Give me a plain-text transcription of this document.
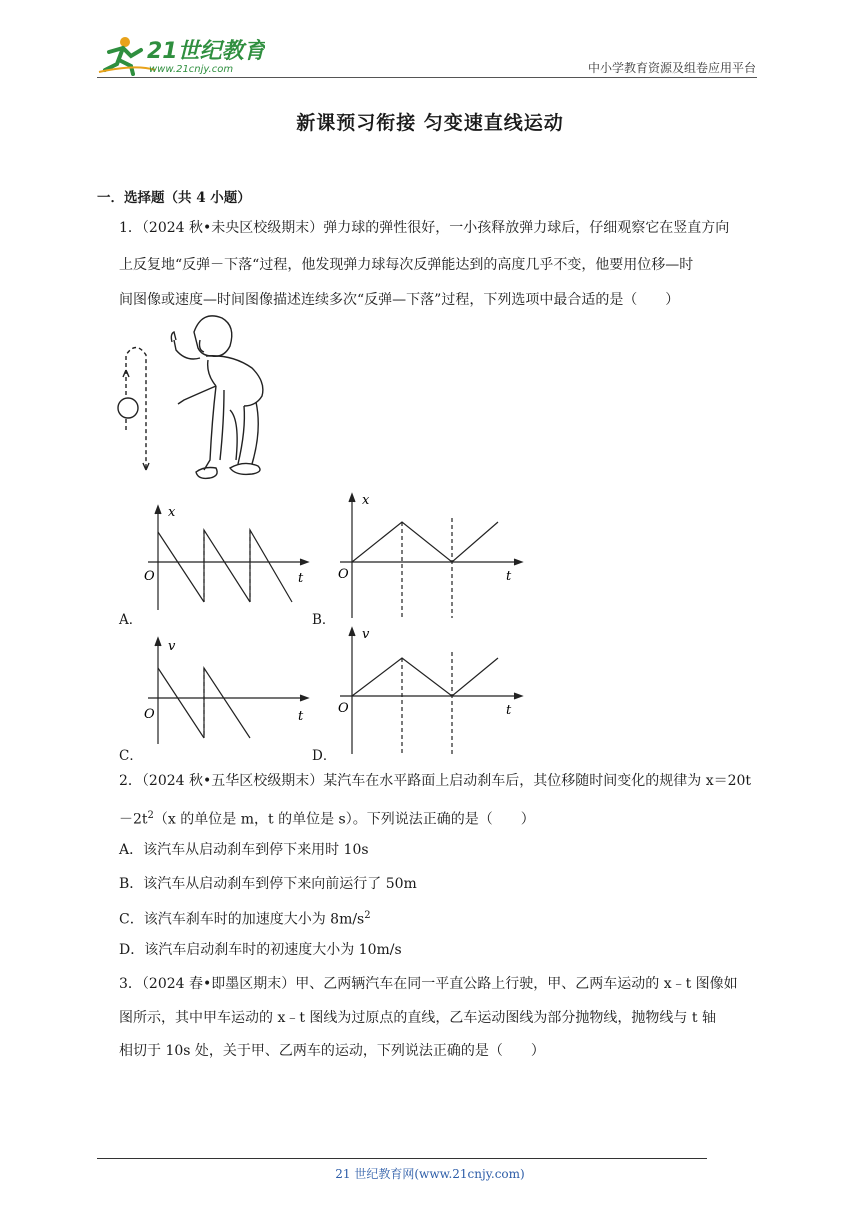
21世纪教育
www.21cnjy.com	中小学教育资源及组卷应用平台
新课预习衔接 匀变速直线运动
一．选择题（共 4 小题）
1．（2024 秋•未央区校级期末）弹力球的弹性很好，一小孩释放弹力球后，仔细观察它在竖直方向
上反复地“反弹－下落“过程，他发现弹力球每次反弹能达到的高度几乎不变，他要用位移—时
间图像或速度—时间图像描述连续多次“反弹—下落”过程，下列选项中最合适的是（　　）
x
O	t
A．
x
O	t
B．
v
O	t
C．
v
O	t
D．
2．（2024 秋•五华区校级期末）某汽车在水平路面上启动刹车后，其位移随时间变化的规律为 x＝20t
$-2t^2(x$ 的单位是 m，t 的单位是 s）。下列说法正确的是（　　）
A．该汽车从启动刹车到停下来用时 10s
B．该汽车从启动刹车到停下来向前运行了 50m
C．该汽车刹车时的加速度大小为 $8m/s^2$
D．该汽车启动刹车时的初速度大小为 10m/s
3．（2024 春•即墨区期末）甲、乙两辆汽车在同一平直公路上行驶，甲、乙两车运动的 x﹣t 图像如
图所示，其中甲车运动的 x﹣t 图线为过原点的直线，乙车运动图线为部分抛物线，抛物线与 t 轴
相切于 10s 处，关于甲、乙两车的运动，下列说法正确的是（　　）
21 世纪教育网(www.21cnjy.com)
